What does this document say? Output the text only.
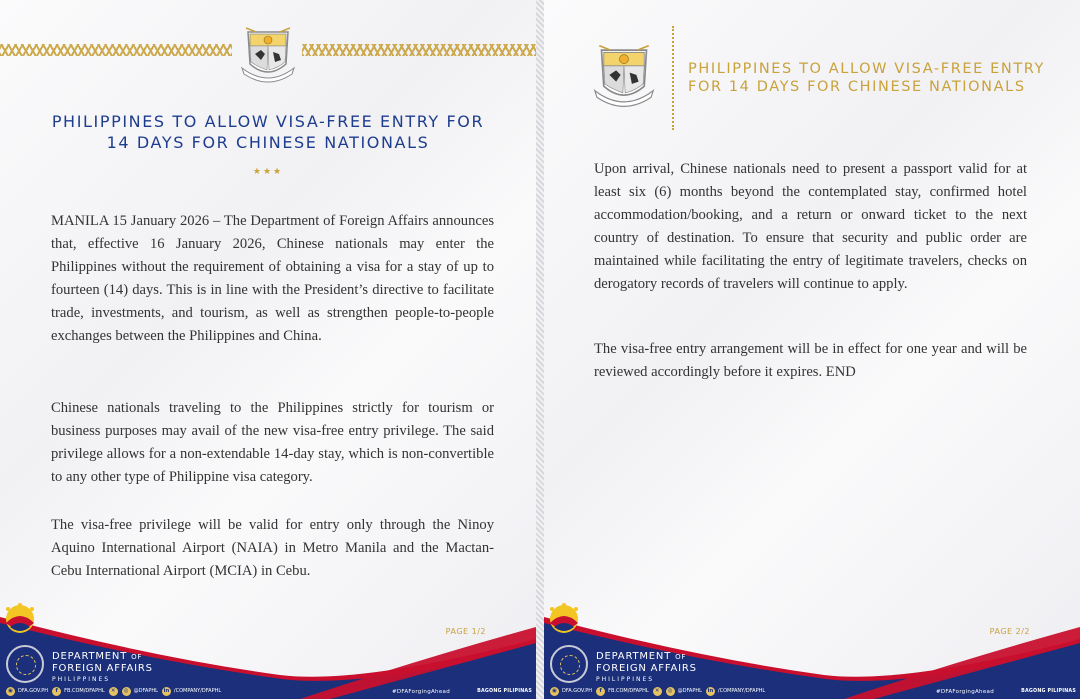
PHILIPPINES TO ALLOW VISA-FREE ENTRY FOR
14 DAYS FOR CHINESE NATIONALS
★★★

MANILA 15 January 2026 – The Department of Foreign Affairs announces that, effective 16 January 2026, Chinese nationals may enter the Philippines without the requirement of obtaining a visa for a stay of up to fourteen (14) days. This is in line with the President’s directive to facilitate trade, investments, and tourism, as well as strengthen people-to-people exchanges between the Philippines and China.

Chinese nationals traveling to the Philippines strictly for tourism or business purposes may avail of the new visa-free entry privilege. The said privilege allows for a non-extendable 14-day stay, which is non-convertible to any other type of Philippine visa category.

The visa-free privilege will be valid for entry only through the Ninoy Aquino International Airport (NAIA) in Metro Manila and the Mactan-Cebu International Airport (MCIA) in Cebu.

PAGE 1/2
DEPARTMENT OF
FOREIGN AFFAIRS
PHILIPPINES
◉	DFA.GOV.PH	f	FB.COM/DFAPHL	✕	◎	@DFAPHL in /COMPANY/DFAPHL	#DFAForgingAhead	BAGONG PILIPINAS
PHILIPPINES TO ALLOW VISA-FREE ENTRY
FOR 14 DAYS FOR CHINESE NATIONALS

Upon arrival, Chinese nationals need to present a passport valid for at least six (6) months beyond the contemplated stay, confirmed hotel accommodation/booking, and a return or onward ticket to the next country of destination. To ensure that security and public order are maintained while facilitating the entry of legitimate travelers, checks on derogatory records of travelers will continue to apply.

The visa-free entry arrangement will be in effect for one year and will be reviewed accordingly before it expires. END

PAGE 2/2
DEPARTMENT OF
FOREIGN AFFAIRS
PHILIPPINES
◉	DFA.GOV.PH	f	FB.COM/DFAPHL	✕	◎	@DFAPHL in /COMPANY/DFAPHL	#DFAForgingAhead	BAGONG PILIPINAS
